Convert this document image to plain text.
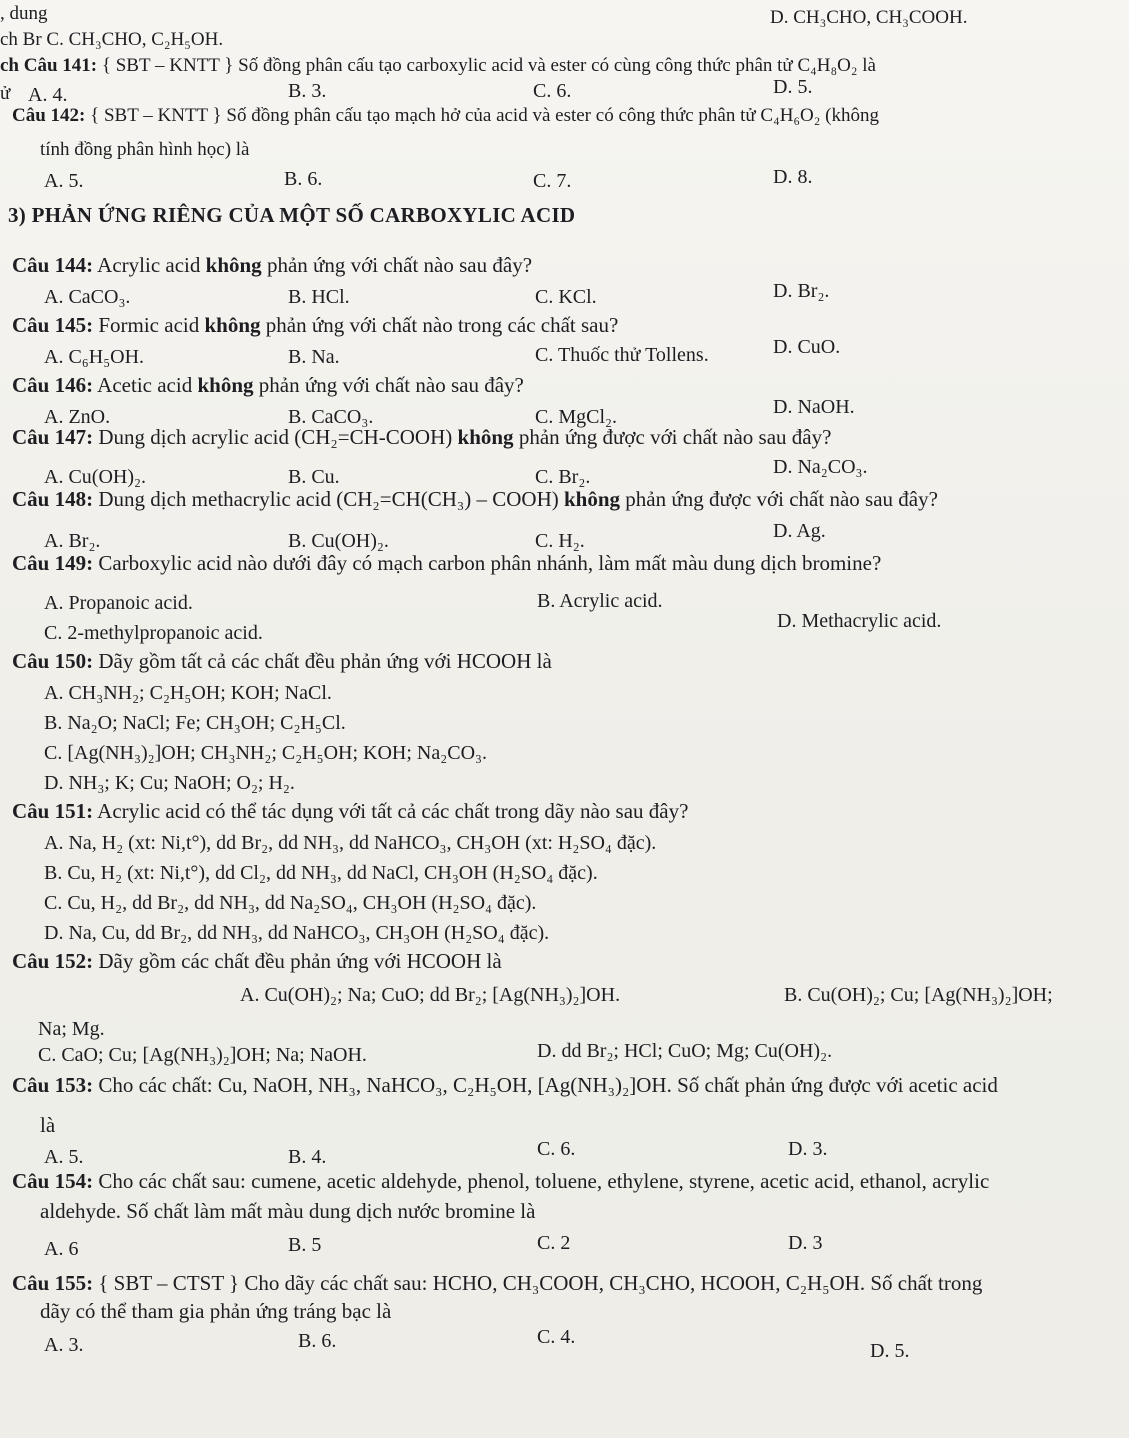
, dung
ch Br C. CH₃CHO, C₂H₅OH.
D. CH₃CHO, CH₃COOH.
ch Câu 141: { SBT – KNTT } Số đồng phân cấu tạo carboxylic acid và ester có cùng công thức phân tử C₄H₈O₂ là
ử A. 4.	B. 3.	C. 6.	D. 5.
Câu 142: { SBT – KNTT } Số đồng phân cấu tạo mạch hở của acid và ester có công thức phân tử C₄H₆O₂ (không
tính đồng phân hình học) là
A. 5.	B. 6.	C. 7.	D. 8.
3) PHẢN ỨNG RIÊNG CỦA MỘT SỐ CARBOXYLIC ACID
Câu 144: Acrylic acid không phản ứng với chất nào sau đây?
A. CaCO₃.	B. HCl.	C. KCl.	D. Br₂.
Câu 145: Formic acid không phản ứng với chất nào trong các chất sau?
A. C₆H₅OH.	B. Na.	C. Thuốc thử Tollens.	D. CuO.
Câu 146: Acetic acid không phản ứng với chất nào sau đây?
A. ZnO.	B. CaCO₃.	C. MgCl₂.	D. NaOH.
Câu 147: Dung dịch acrylic acid (CH₂=CH-COOH) không phản ứng được với chất nào sau đây?
A. Cu(OH)₂.	B. Cu.	C. Br₂.	D. Na₂CO₃.
Câu 148: Dung dịch methacrylic acid (CH₂=CH(CH₃) – COOH) không phản ứng được với chất nào sau đây?
A. Br₂.	B. Cu(OH)₂.	C. H₂.	D. Ag.
Câu 149: Carboxylic acid nào dưới đây có mạch carbon phân nhánh, làm mất màu dung dịch bromine?
A. Propanoic acid.	B. Acrylic acid.
C. 2-methylpropanoic acid.
D. Methacrylic acid.
Câu 150: Dãy gồm tất cả các chất đều phản ứng với HCOOH là
A. CH₃NH₂; C₂H₅OH; KOH; NaCl.
B. Na₂O; NaCl; Fe; CH₃OH; C₂H₅Cl.
C. [Ag(NH₃)₂]OH; CH₃NH₂; C₂H₅OH; KOH; Na₂CO₃.
D. NH₃; K; Cu; NaOH; O₂; H₂.
Câu 151: Acrylic acid có thể tác dụng với tất cả các chất trong dãy nào sau đây?
A. Na, H₂ (xt: Ni,t°), dd Br₂, dd NH₃, dd NaHCO₃, CH₃OH (xt: H₂SO₄ đặc).
B. Cu, H₂ (xt: Ni,t°), dd Cl₂, dd NH₃, dd NaCl, CH₃OH (H₂SO₄ đặc).
C. Cu, H₂, dd Br₂, dd NH₃, dd Na₂SO₄, CH₃OH (H₂SO₄ đặc).
D. Na, Cu, dd Br₂, dd NH₃, dd NaHCO₃, CH₃OH (H₂SO₄ đặc).
Câu 152: Dãy gồm các chất đều phản ứng với HCOOH là
A. Cu(OH)₂; Na; CuO; dd Br₂; [Ag(NH₃)₂]OH.	B. Cu(OH)₂; Cu; [Ag(NH₃)₂]OH;
Na; Mg.
C. CaO; Cu; [Ag(NH₃)₂]OH; Na; NaOH.	D. dd Br₂; HCl; CuO; Mg; Cu(OH)₂.
Câu 153: Cho các chất: Cu, NaOH, NH₃, NaHCO₃, C₂H₅OH, [Ag(NH₃)₂]OH. Số chất phản ứng được với acetic acid
là
A. 5.	B. 4.	C. 6.	D. 3.
Câu 154: Cho các chất sau: cumene, acetic aldehyde, phenol, toluene, ethylene, styrene, acetic acid, ethanol, acrylic
aldehyde. Số chất làm mất màu dung dịch nước bromine là
A. 6	B. 5	C. 2	D. 3
Câu 155: { SBT – CTST } Cho dãy các chất sau: HCHO, CH₃COOH, CH₃CHO, HCOOH, C₂H₅OH. Số chất trong
dãy có thể tham gia phản ứng tráng bạc là
A. 3.	B. 6.	C. 4.
D. 5.
